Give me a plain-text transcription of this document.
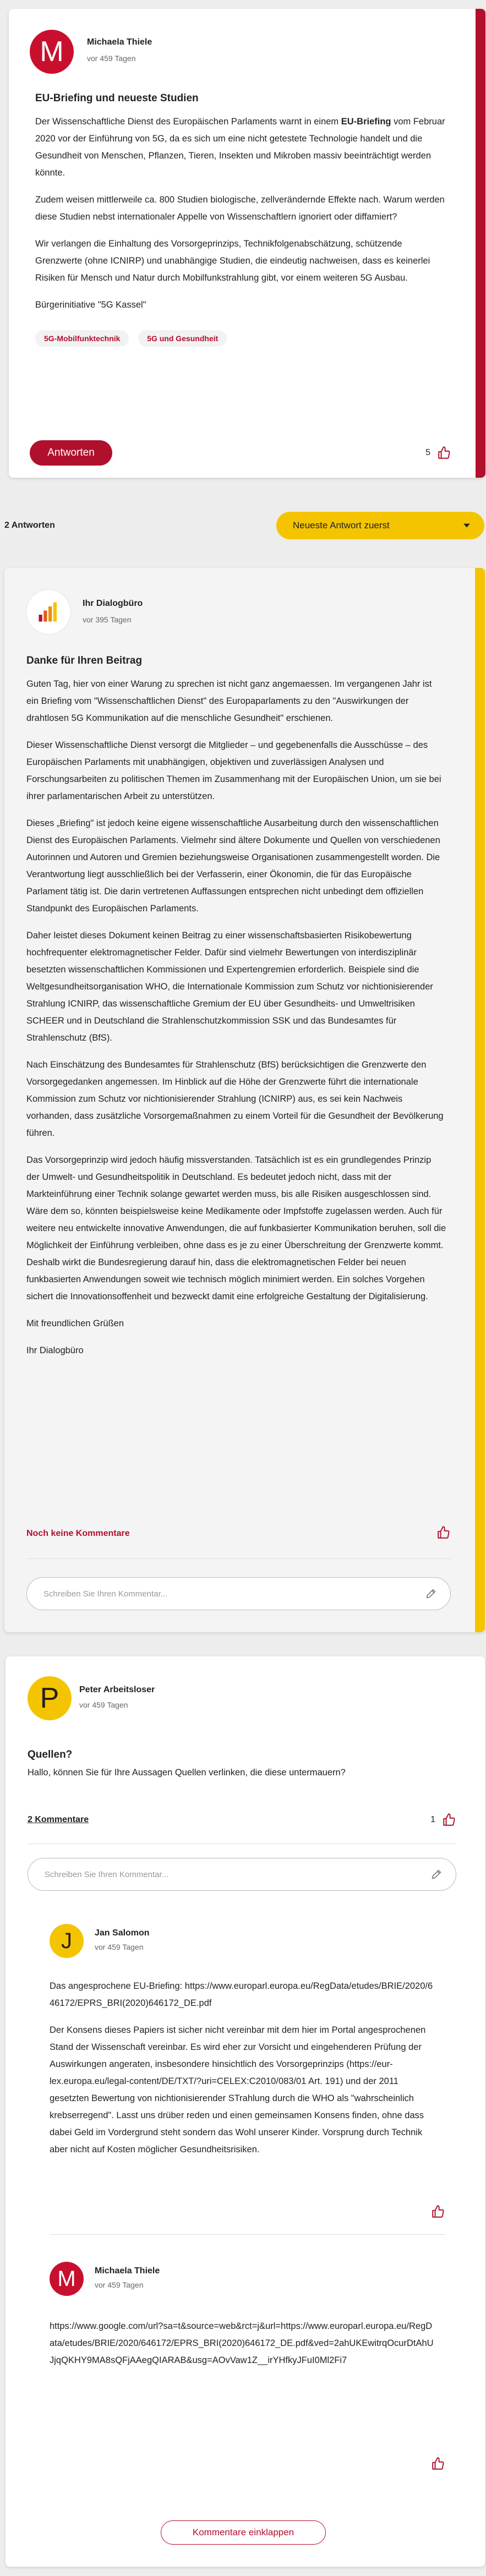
M	Michaela Thiele
vor 459 Tagen
EU-Briefing und neueste Studien

Der Wissenschaftliche Dienst des Europäischen Parlaments warnt in einem EU-Briefing vom Februar 2020 vor der Einführung von 5G, da es sich um eine nicht getestete Technologie handelt und die Gesundheit von Menschen, Pflanzen, Tieren, Insekten und Mikroben massiv beeinträchtigt werden könnte.

Zudem weisen mittlerweile ca. 800 Studien biologische, zellverändernde Effekte nach. Warum werden diese Studien nebst internationaler Appelle von Wissenschaftlern ignoriert oder diffamiert?

Wir verlangen die Einhaltung des Vorsorgeprinzips, Technikfolgenabschätzung, schützende Grenzwerte (ohne ICNIRP) und unabhängige Studien, die eindeutig nachweisen, dass es keinerlei Risiken für Mensch und Natur durch Mobilfunkstrahlung gibt, vor einem weiteren 5G Ausbau.

Bürgerinitiative "5G Kassel"

5G-Mobilfunktechnik	5G und Gesundheit
Antworten	5
2 Antworten	Neueste Antwort zuerst
Ihr Dialogbüro
vor 395 Tagen
Danke für Ihren Beitrag

Guten Tag, hier von einer Warung zu sprechen ist nicht ganz angemaessen. Im vergangenen Jahr ist ein Briefing vom "Wissenschaftlichen Dienst" des Europaparlaments zu den "Auswirkungen der drahtlosen 5G Kommunikation auf die menschliche Gesundheit" erschienen.

Dieser Wissenschaftliche Dienst versorgt die Mitglieder – und gegebenenfalls die Ausschüsse – des Europäischen Parlaments mit unabhängigen, objektiven und zuverlässigen Analysen und Forschungsarbeiten zu politischen Themen im Zusammenhang mit der Europäischen Union, um sie bei ihrer parlamentarischen Arbeit zu unterstützen.

Dieses „Briefing" ist jedoch keine eigene wissenschaftliche Ausarbeitung durch den wissenschaftlichen Dienst des Europäischen Parlaments. Vielmehr sind ältere Dokumente und Quellen von verschiedenen Autorinnen und Autoren und Gremien beziehungsweise Organisationen zusammengestellt worden. Die Verantwortung liegt ausschließlich bei der Verfasserin, einer Ökonomin, die für das Europäische Parlament tätig ist. Die darin vertretenen Auffassungen entsprechen nicht unbedingt dem offiziellen Standpunkt des Europäischen Parlaments.

Daher leistet dieses Dokument keinen Beitrag zu einer wissenschaftsbasierten Risikobewertung hochfrequenter elektromagnetischer Felder. Dafür sind vielmehr Bewertungen von interdisziplinär besetzten wissenschaftlichen Kommissionen und Expertengremien erforderlich. Beispiele sind die Weltgesundheitsorganisation WHO, die Internationale Kommission zum Schutz vor nichtionisierender Strahlung ICNIRP, das wissenschaftliche Gremium der EU über Gesundheits- und Umweltrisiken SCHEER und in Deutschland die Strahlenschutzkommission SSK und das Bundesamtes für Strahlenschutz (BfS).

Nach Einschätzung des Bundesamtes für Strahlenschutz (BfS) berücksichtigen die Grenzwerte den Vorsorgegedanken angemessen. Im Hinblick auf die Höhe der Grenzwerte führt die internationale Kommission zum Schutz vor nichtionisierender Strahlung (ICNIRP) aus, es sei kein Nachweis vorhanden, dass zusätzliche Vorsorgemaßnahmen zu einem Vorteil für die Gesundheit der Bevölkerung führen.

Das Vorsorgeprinzip wird jedoch häufig missverstanden. Tatsächlich ist es ein grundlegendes Prinzip der Umwelt- und Gesundheitspolitik in Deutschland. Es bedeutet jedoch nicht, dass mit der Markteinführung einer Technik solange gewartet werden muss, bis alle Risiken ausgeschlossen sind. Wäre dem so, könnten beispielsweise keine Medikamente oder Impfstoffe zugelassen werden. Auch für weitere neu entwickelte innovative Anwendungen, die auf funkbasierter Kommunikation beruhen, soll die Möglichkeit der Einführung verbleiben, ohne dass es je zu einer Überschreitung der Grenzwerte kommt. Deshalb wirkt die Bundesregierung darauf hin, dass die elektromagnetischen Felder bei neuen funkbasierten Anwendungen soweit wie technisch möglich minimiert werden. Ein solches Vorgehen sichert die Innovationsoffenheit und bezweckt damit eine erfolgreiche Gestaltung der Digitalisierung.

Mit freundlichen Grüßen

Ihr Dialogbüro

Noch keine Kommentare
Schreiben Sie Ihren Kommentar...
P Peter Arbeitsloser
vor 459 Tagen
Quellen?
Hallo, können Sie für Ihre Aussagen Quellen verlinken, die diese untermauern?
2 Kommentare	1
Schreiben Sie Ihren Kommentar...
J	Jan Salomon
vor 459 Tagen

Das angesprochene EU-Briefing: https://www.europarl.europa.eu/RegData/etudes/BRIE/2020/646172/EPRS_BRI(2020)646172_DE.pdf

Der Konsens dieses Papiers ist sicher nicht vereinbar mit dem hier im Portal angesprochenen Stand der Wissenschaft vereinbar. Es wird eher zur Vorsicht und eingehenderen Prüfung der Auswirkungen angeraten, insbesondere hinsichtlich des Vorsorgeprinzips (https://eur-lex.europa.eu/legal-content/DE/TXT/?uri=CELEX:C2010/083/01 Art. 191) und der 2011 gesetzten Bewertung von nichtionisierender STrahlung durch die WHO als "wahrscheinlich krebserregend". Lasst uns drüber reden und einen gemeinsamen Konsens finden, ohne dass dabei Geld im Vordergrund steht sondern das Wohl unserer Kinder. Vorsprung durch Technik aber nicht auf Kosten möglicher Gesundheitsrisiken.

M Michaela Thiele
vor 459 Tagen

https://www.google.com/url?sa=t&source=web&rct=j&url=https://www.europarl.europa.eu/RegData/etudes/BRIE/2020/646172/EPRS_BRI(2020)646172_DE.pdf&ved=2ahUKEwitrqOcurDtAhUJjqQKHY9MA8sQFjAAegQIARAB&usg=AOvVaw1Z__irYHfkyJFuI0Ml2Fi7

Kommentare einklappen
